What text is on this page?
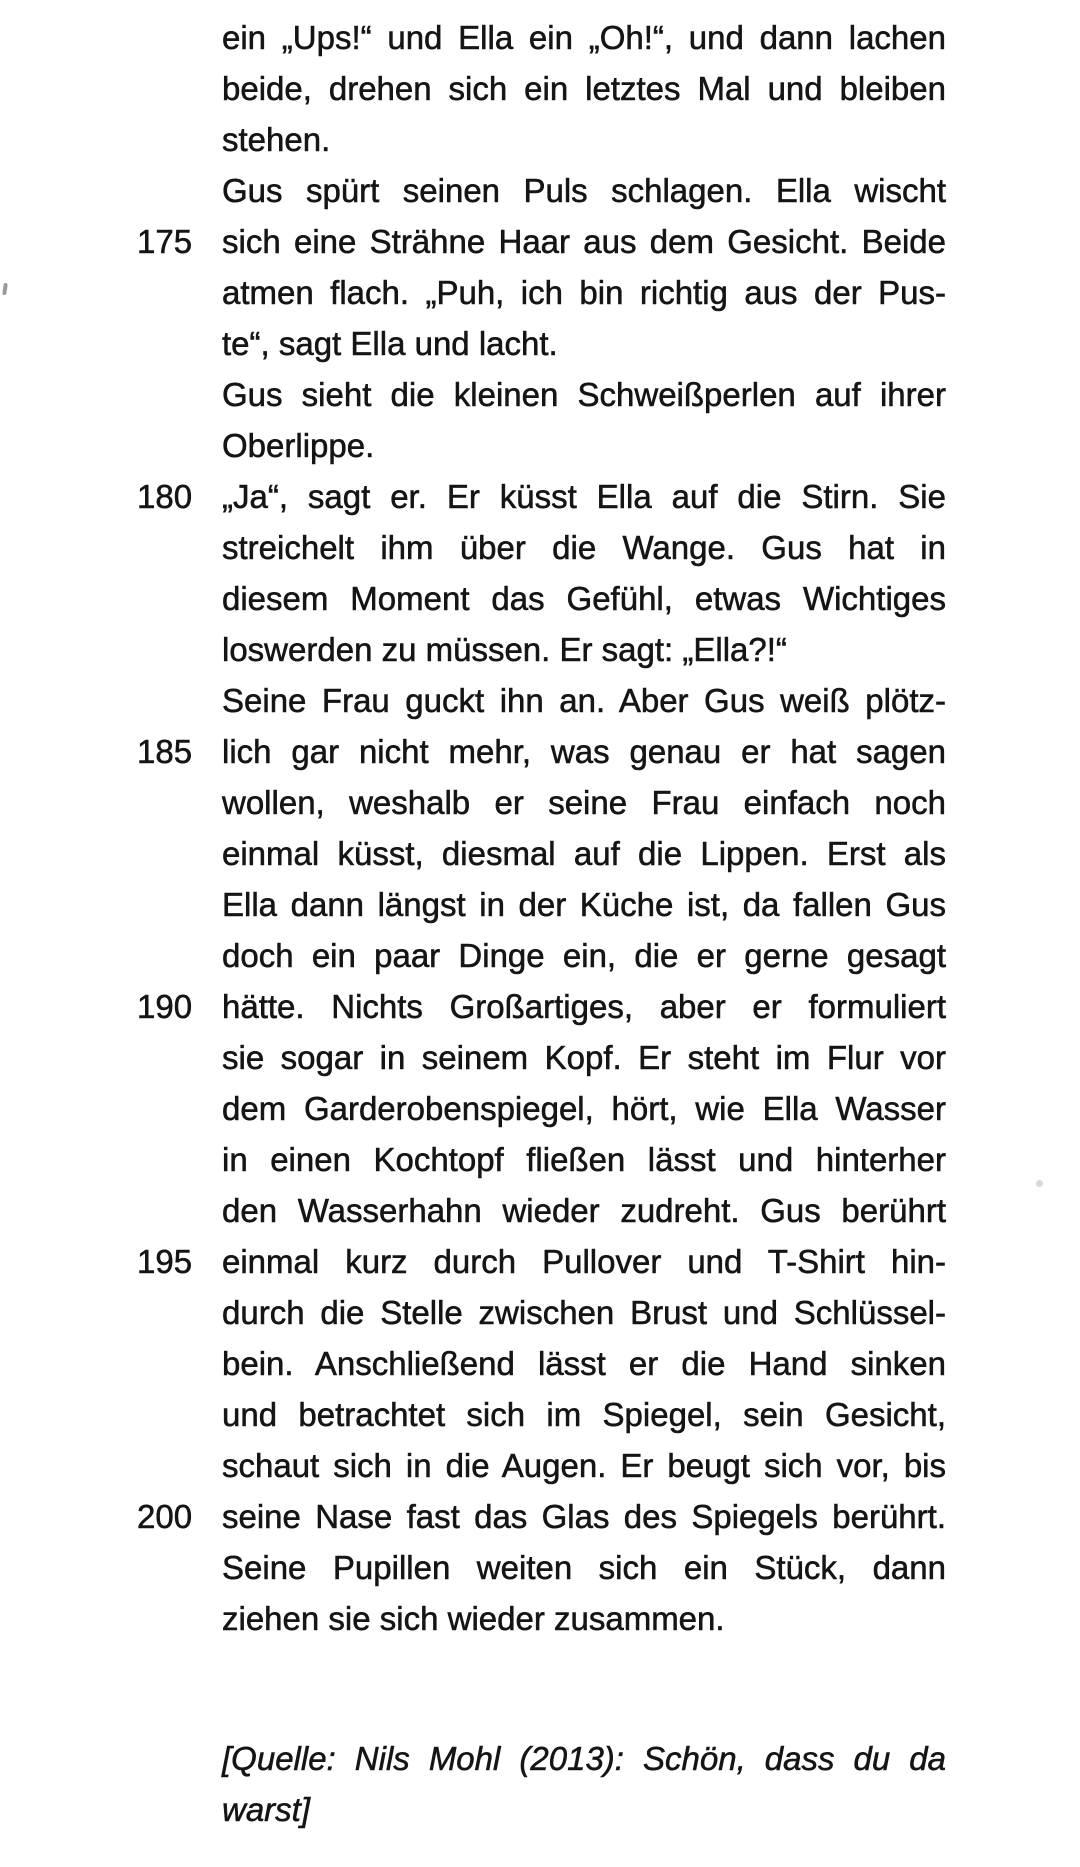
ein „Ups!“ und Ella ein „Oh!“, und dann lachen
beide, drehen sich ein letztes Mal und bleiben
stehen.
Gus spürt seinen Puls schlagen. Ella wischt
175 sich eine Strähne Haar aus dem Gesicht. Beide
atmen flach. „Puh, ich bin richtig aus der Pus-
te“, sagt Ella und lacht.
Gus sieht die kleinen Schweißperlen auf ihrer
Oberlippe.
180 „Ja“, sagt er. Er küsst Ella auf die Stirn. Sie
streichelt ihm über die Wange. Gus hat in
diesem Moment das Gefühl, etwas Wichtiges
loswerden zu müssen. Er sagt: „Ella?!“
Seine Frau guckt ihn an. Aber Gus weiß plötz-
185 lich gar nicht mehr, was genau er hat sagen
wollen, weshalb er seine Frau einfach noch
einmal küsst, diesmal auf die Lippen. Erst als
Ella dann längst in der Küche ist, da fallen Gus
doch ein paar Dinge ein, die er gerne gesagt
190 hätte. Nichts Großartiges, aber er formuliert
sie sogar in seinem Kopf. Er steht im Flur vor
dem Garderobenspiegel, hört, wie Ella Wasser
in einen Kochtopf fließen lässt und hinterher
den Wasserhahn wieder zudreht. Gus berührt
195 einmal kurz durch Pullover und T-Shirt hin-
durch die Stelle zwischen Brust und Schlüssel-
bein. Anschließend lässt er die Hand sinken
und betrachtet sich im Spiegel, sein Gesicht,
schaut sich in die Augen. Er beugt sich vor, bis
200 seine Nase fast das Glas des Spiegels berührt.
Seine Pupillen weiten sich ein Stück, dann
ziehen sie sich wieder zusammen.
[Quelle: Nils Mohl (2013): Schön, dass du da
warst]
